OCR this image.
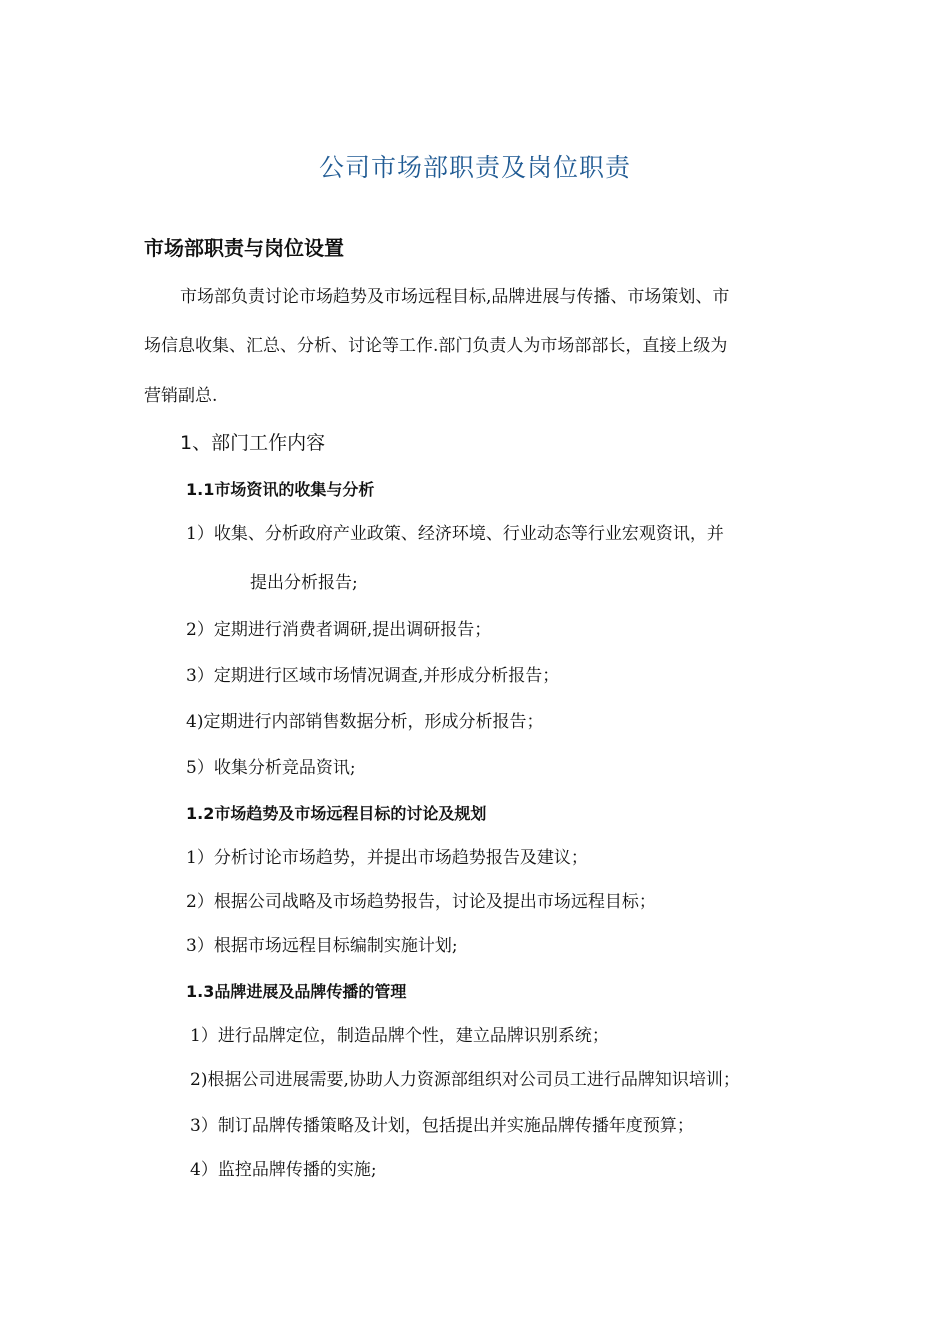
公司市场部职责及岗位职责
市场部职责与岗位设置
市场部负责讨论市场趋势及市场远程目标,品牌进展与传播、市场策划、市
场信息收集、汇总、分析、讨论等工作.部门负责人为市场部部长，直接上级为
营销副总.
1、部门工作内容
1.1市场资讯的收集与分析
1）收集、分析政府产业政策、经济环境、行业动态等行业宏观资讯，并
提出分析报告;
2）定期进行消费者调研,提出调研报告；
3）定期进行区域市场情况调查,并形成分析报告；
4)定期进行内部销售数据分析，形成分析报告；
5）收集分析竞品资讯;
1.2市场趋势及市场远程目标的讨论及规划
1）分析讨论市场趋势，并提出市场趋势报告及建议；
2）根据公司战略及市场趋势报告，讨论及提出市场远程目标；
3）根据市场远程目标编制实施计划;
1.3品牌进展及品牌传播的管理
1）进行品牌定位，制造品牌个性，建立品牌识别系统；
2)根据公司进展需要,协助人力资源部组织对公司员工进行品牌知识培训；
3）制订品牌传播策略及计划，包括提出并实施品牌传播年度预算；
4）监控品牌传播的实施;
